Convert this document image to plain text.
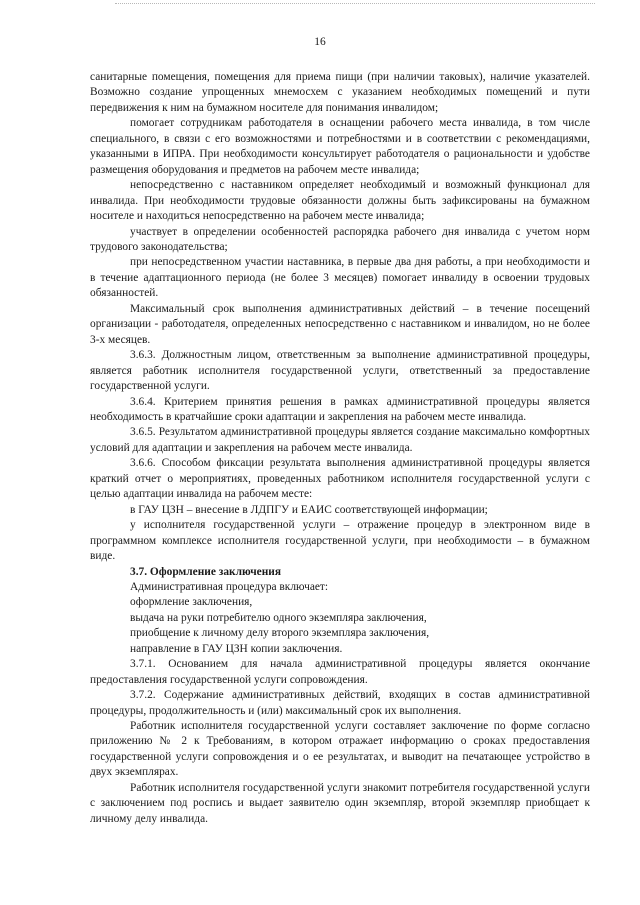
16

санитарные помещения, помещения для приема пищи (при наличии таковых), наличие указателей. Возможно создание упрощенных мнемосхем с указанием необходимых помещений и пути передвижения к ним на бумажном носителе для понимания инвалидом;

помогает сотрудникам работодателя в оснащении рабочего места инвалида, в том числе специального, в связи с его возможностями и потребностями и в соответствии с рекомендациями, указанными в ИПРА. При необходимости консультирует работодателя о рациональности и удобстве размещения оборудования и предметов на рабочем месте инвалида;

непосредственно с наставником определяет необходимый и возможный функционал для инвалида. При необходимости трудовые обязанности должны быть зафиксированы на бумажном носителе и находиться непосредственно на рабочем месте инвалида;

участвует в определении особенностей распорядка рабочего дня инвалида с учетом норм трудового законодательства;

при непосредственном участии наставника, в первые два дня работы, а при необходимости и в течение адаптационного периода (не более 3 месяцев) помогает инвалиду в освоении трудовых обязанностей.

Максимальный срок выполнения административных действий – в течение посещений организации - работодателя, определенных непосредственно с наставником и инвалидом, но не более 3-х месяцев.

3.6.3. Должностным лицом, ответственным за выполнение административной процедуры, является работник исполнителя государственной услуги, ответственный за предоставление государственной услуги.

3.6.4. Критерием принятия решения в рамках административной процедуры является необходимость в кратчайшие сроки адаптации и закрепления на рабочем месте инвалида.

3.6.5. Результатом административной процедуры является создание максимально комфортных условий для адаптации и закрепления на рабочем месте инвалида.

3.6.6. Способом фиксации результата выполнения административной процедуры является краткий отчет о мероприятиях, проведенных работником исполнителя государственной услуги с целью адаптации инвалида на рабочем месте:

в ГАУ ЦЗН – внесение в ЛДПГУ и ЕАИС соответствующей информации;

у исполнителя государственной услуги – отражение процедур в электронном виде в программном комплексе исполнителя государственной услуги, при необходимости – в бумажном виде.

3.7. Оформление заключения

Административная процедура включает:

оформление заключения,

выдача на руки потребителю одного экземпляра заключения,

приобщение к личному делу второго экземпляра заключения,

направление в ГАУ ЦЗН копии заключения.

3.7.1. Основанием для начала административной процедуры является окончание предоставления государственной услуги сопровождения.

3.7.2. Содержание административных действий, входящих в состав административной процедуры, продолжительность и (или) максимальный срок их выполнения.

Работник исполнителя государственной услуги составляет заключение по форме согласно приложению № 2 к Требованиям, в котором отражает информацию о сроках предоставления государственной услуги сопровождения и о ее результатах, и выводит на печатающее устройство в двух экземплярах.

Работник исполнителя государственной услуги знакомит потребителя государственной услуги с заключением под роспись и выдает заявителю один экземпляр, второй экземпляр приобщает к личному делу инвалида.
